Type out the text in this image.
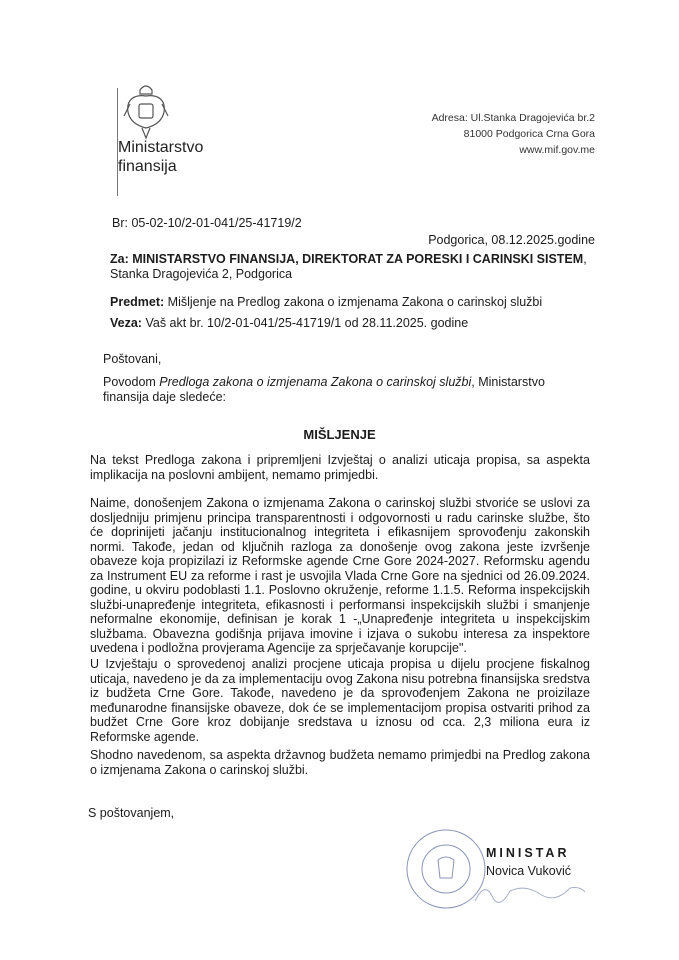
Ministarstvo
finansija
Adresa: Ul.Stanka Dragojevića br.2
81000 Podgorica Crna Gora
www.mif.gov.me
Br: 05-02-10/2-01-041/25-41719/2
Podgorica, 08.12.2025.godine
Za: MINISTARSTVO FINANSIJA, DIREKTORAT ZA PORESKI I CARINSKI SISTEM, Stanka Dragojevića 2, Podgorica
Predmet: Mišljenje na Predlog zakona o izmjenama Zakona o carinskoj službi
Veza: Vaš akt br. 10/2-01-041/25-41719/1 od 28.11.2025. godine
Poštovani,
Povodom Predloga zakona o izmjenama Zakona o carinskoj službi, Ministarstvo finansija daje sledeće:
MIŠLJENJE
Na tekst Predloga zakona i pripremljeni Izvještaj o analizi uticaja propisa, sa aspekta implikacija na poslovni ambijent, nemamo primjedbi.
Naime, donošenjem Zakona o izmjenama Zakona o carinskoj službi stvoriće se uslovi za dosljedniju primjenu principa transparentnosti i odgovornosti u radu carinske službe, što će doprinijeti jačanju institucionalnog integriteta i efikasnijem sprovođenju zakonskih normi. Takođe, jedan od ključnih razloga za donošenje ovog zakona jeste izvršenje obaveze koja propizilazi iz Reformske agende Crne Gore 2024-2027. Reformsku agendu za Instrument EU za reforme i rast je usvojila Vlada Crne Gore na sjednici od 26.09.2024. godine, u okviru podoblasti 1.1. Poslovno okruženje, reforme 1.1.5. Reforma inspekcijskih službi-unapređenje integriteta, efikasnosti i performansi inspekcijskih službi i smanjenje neformalne ekonomije, definisan je korak 1 -„Unapređenje integriteta u inspekcijskim službama. Obavezna godišnja prijava imovine i izjava o sukobu interesa za inspektore uvedena i podložna provjerama Agencije za sprječavanje korupcije".
U Izvještaju o sprovedenoj analizi procjene uticaja propisa u dijelu procjene fiskalnog uticaja, navedeno je da za implementaciju ovog Zakona nisu potrebna finansijska sredstva iz budžeta Crne Gore. Takođe, navedeno je da sprovođenjem Zakona ne proizilaze međunarodne finansijske obaveze, dok će se implementacijom propisa ostvariti prihod za budžet Crne Gore kroz dobijanje sredstava u iznosu od cca. 2,3 miliona eura iz Reformske agende.
Shodno navedenom, sa aspekta državnog budžeta nemamo primjedbi na Predlog zakona o izmjenama Zakona o carinskoj službi.
S poštovanjem,
MINISTAR
Novica Vuković
